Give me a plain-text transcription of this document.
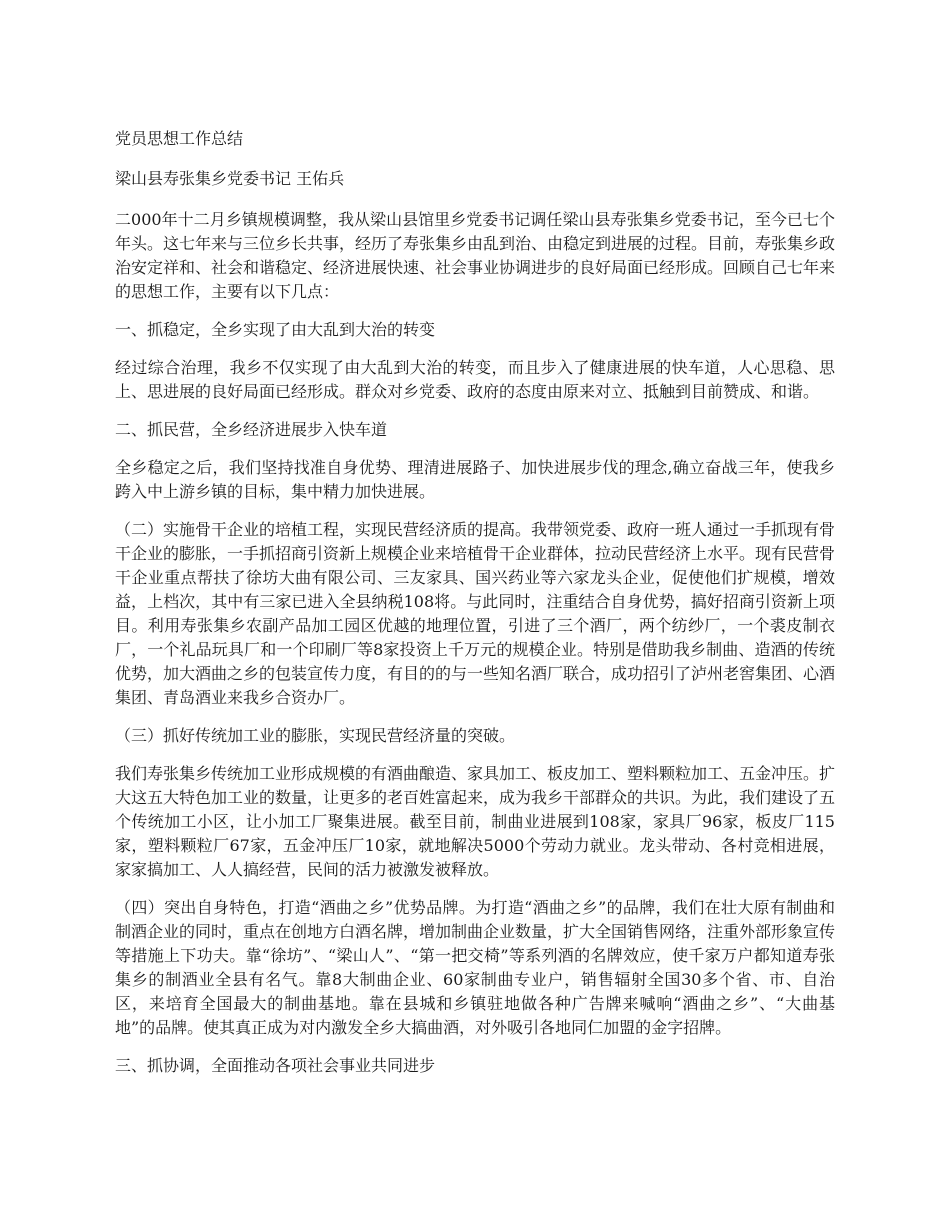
党员思想工作总结
梁山县寿张集乡党委书记 王佑兵

二000年十二月乡镇规模调整，我从梁山县馆里乡党委书记调任梁山县寿张集乡党委书记，至今已七个年头。这七年来与三位乡长共事，经历了寿张集乡由乱到治、由稳定到进展的过程。目前，寿张集乡政治安定祥和、社会和谐稳定、经济进展快速、社会事业协调进步的良好局面已经形成。回顾自己七年来的思想工作，主要有以下几点：

一、抓稳定，全乡实现了由大乱到大治的转变

经过综合治理，我乡不仅实现了由大乱到大治的转变，而且步入了健康进展的快车道，人心思稳、思上、思进展的良好局面已经形成。群众对乡党委、政府的态度由原来对立、抵触到目前赞成、和谐。

二、抓民营，全乡经济进展步入快车道

全乡稳定之后，我们坚持找准自身优势、理清进展路子、加快进展步伐的理念,确立奋战三年，使我乡跨入中上游乡镇的目标，集中精力加快进展。

（二）实施骨干企业的培植工程，实现民营经济质的提高。我带领党委、政府一班人通过一手抓现有骨干企业的膨胀，一手抓招商引资新上规模企业来培植骨干企业群体，拉动民营经济上水平。现有民营骨干企业重点帮扶了徐坊大曲有限公司、三友家具、国兴药业等六家龙头企业，促使他们扩规模，增效益，上档次，其中有三家已进入全县纳税108将。与此同时，注重结合自身优势，搞好招商引资新上项目。利用寿张集乡农副产品加工园区优越的地理位置，引进了三个酒厂，两个纺纱厂，一个裘皮制衣厂，一个礼品玩具厂和一个印刷厂等8家投资上千万元的规模企业。特别是借助我乡制曲、造酒的传统优势，加大酒曲之乡的包装宣传力度，有目的的与一些知名酒厂联合，成功招引了泸州老窖集团、心酒集团、青岛酒业来我乡合资办厂。

（三）抓好传统加工业的膨胀，实现民营经济量的突破。

我们寿张集乡传统加工业形成规模的有酒曲酿造、家具加工、板皮加工、塑料颗粒加工、五金冲压。扩大这五大特色加工业的数量，让更多的老百姓富起来，成为我乡干部群众的共识。为此，我们建设了五个传统加工小区，让小加工厂聚集进展。截至目前，制曲业进展到108家，家具厂96家，板皮厂115家，塑料颗粒厂67家，五金冲压厂10家，就地解决5000个劳动力就业。龙头带动、各村竞相进展，家家搞加工、人人搞经营，民间的活力被激发被释放。

（四）突出自身特色，打造“酒曲之乡”优势品牌。为打造“酒曲之乡”的品牌，我们在壮大原有制曲和制酒企业的同时，重点在创地方白酒名牌，增加制曲企业数量，扩大全国销售网络，注重外部形象宣传等措施上下功夫。靠“徐坊”、“梁山人”、“第一把交椅”等系列酒的名牌效应，使千家万户都知道寿张集乡的制酒业全县有名气。靠8大制曲企业、60家制曲专业户，销售辐射全国30多个省、市、自治区，来培育全国最大的制曲基地。靠在县城和乡镇驻地做各种广告牌来喊响“酒曲之乡”、“大曲基地”的品牌。使其真正成为对内激发全乡大搞曲酒，对外吸引各地同仁加盟的金字招牌。

三、抓协调，全面推动各项社会事业共同进步
